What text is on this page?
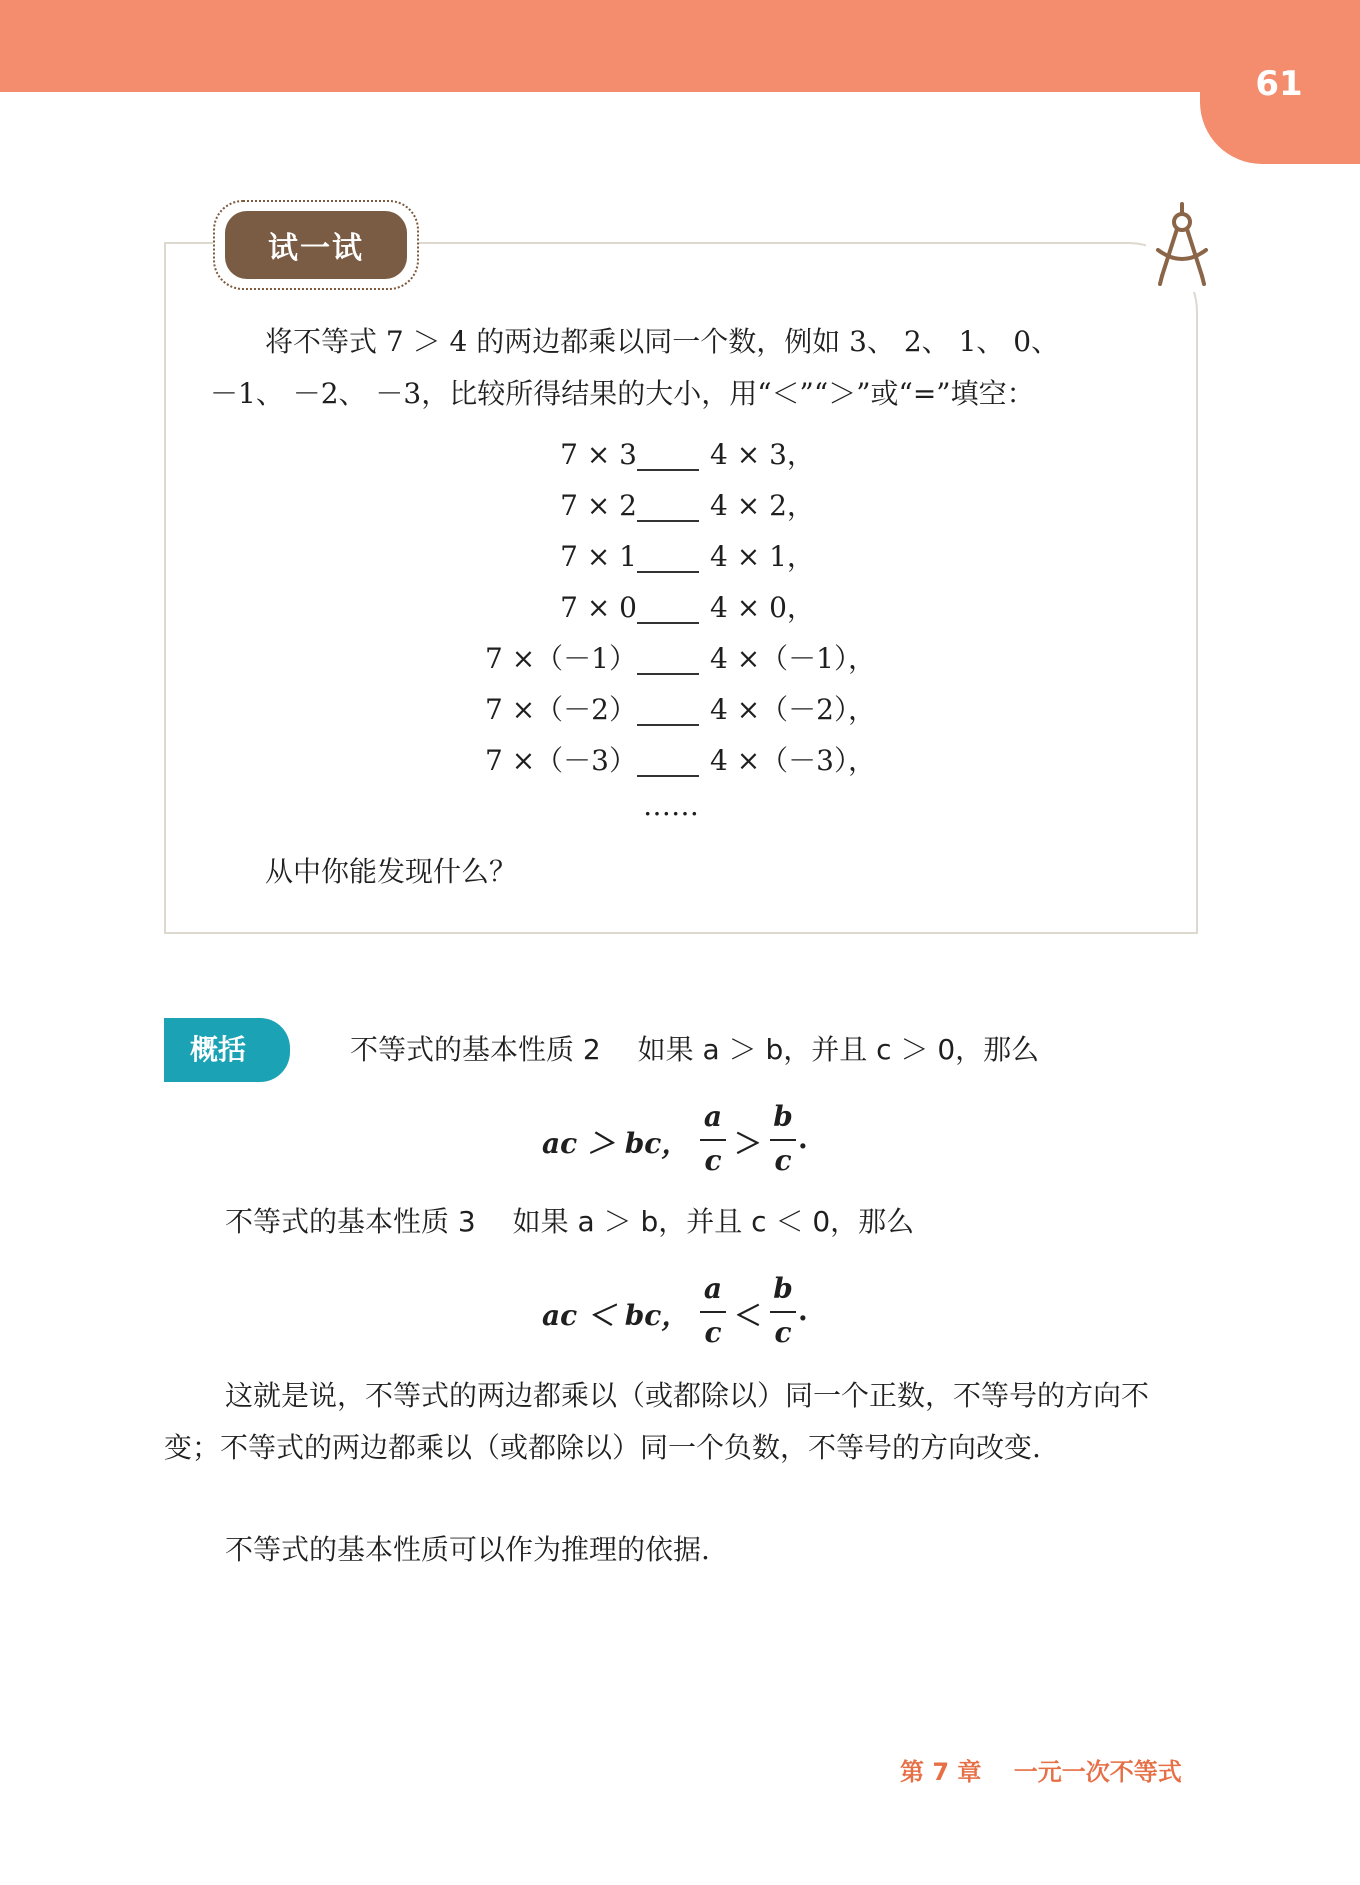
61
试一试
将不等式 7 ＞ 4 的两边都乘以同一个数，例如 3、 2、 1、 0、
－1、 －2、 －3，比较所得结果的大小，用“＜”“＞”或“=”填空：
7 × 3	4 × 3，
7 × 2	4 × 2，
7 × 1	4 × 1，
7 × 0	4 × 0，
7 ×（－1）	4 ×（－1），
7 ×（－2）	4 ×（－2），
7 ×（－3）	4 ×（－3），
……
从中你能发现什么？
概括	不等式的基本性质 2　 如果 a ＞ b，并且 c ＞ 0，那么
ac ＞ bc，
a
c
＞
b
c
.
不等式的基本性质 3　 如果 a ＞ b，并且 c ＜ 0，那么
ac ＜ bc，
a
c
＜
b
c
.
这就是说，不等式的两边都乘以（或都除以）同一个正数，不等号的方向不
变；不等式的两边都乘以（或都除以）同一个负数，不等号的方向改变.
不等式的基本性质可以作为推理的依据.
第 7 章　 一元一次不等式
